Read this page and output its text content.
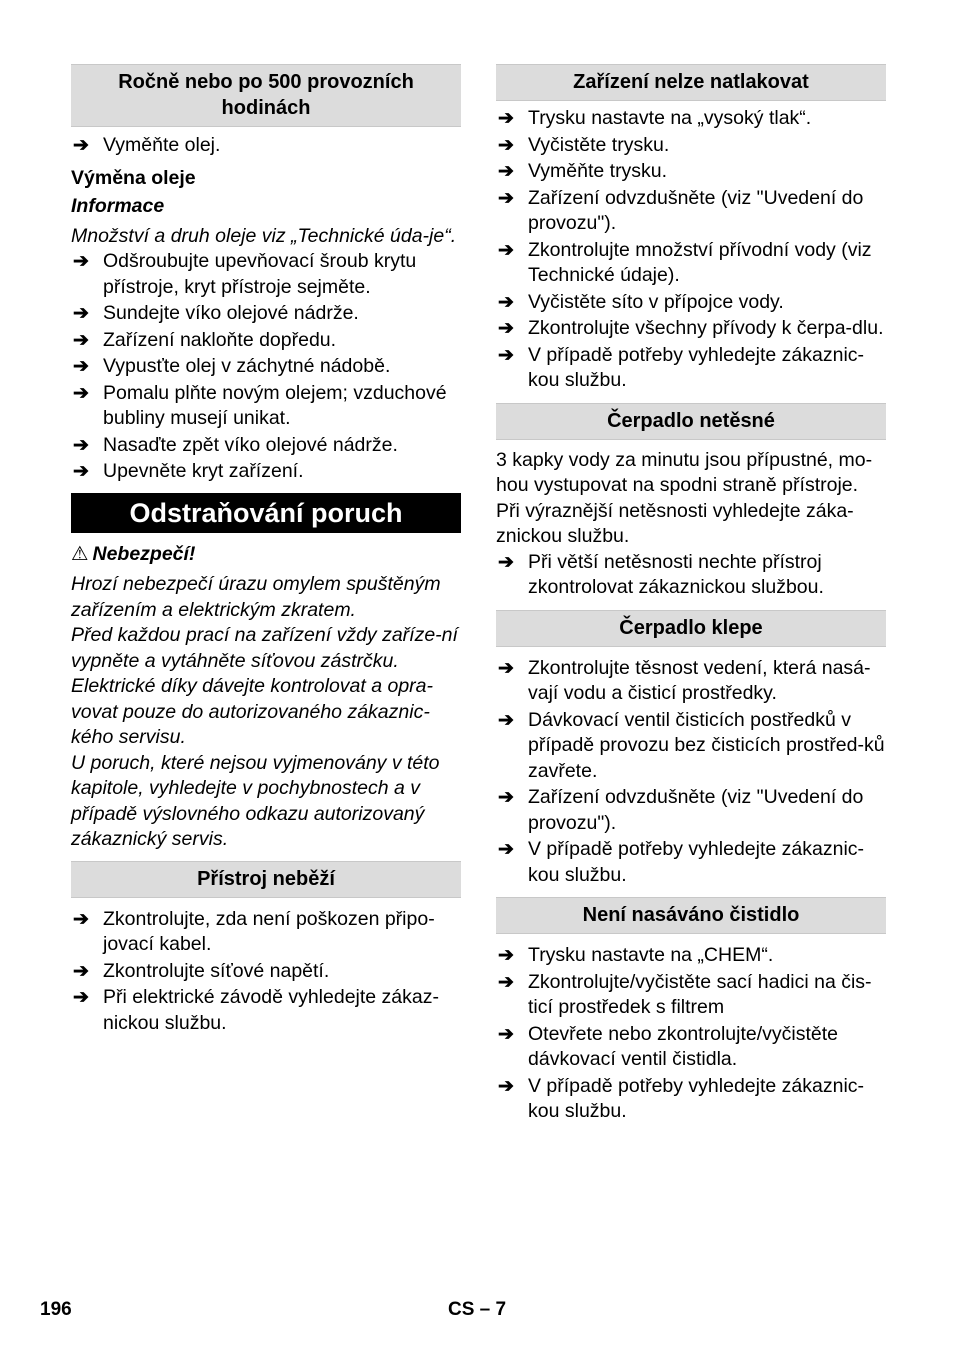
Ročně nebo po 500 provozních hodinách
➔ Vyměňte olej.

Výměna oleje

Informace

Množství a druh oleje viz „Technické úda-je“.

➔ Odšroubujte upevňovací šroub krytu přístroje, kryt přístroje sejměte.
➔ Sundejte víko olejové nádrže.
➔ Zařízení nakloňte dopředu.
➔ Vypusťte olej v záchytné nádobě.
➔ Pomalu plňte novým olejem; vzduchové bubliny musejí unikat.
➔ Nasaďte zpět víko olejové nádrže.
➔ Upevněte kryt zařízení.
Odstraňování poruch

⚠ Nebezpečí!

Hrozí nebezpečí úrazu omylem spuštěným zařízením a elektrickým zkratem.

Před každou prací na zařízení vždy zaříze-ní vypněte a vytáhněte síťovou zástrčku.

Elektrické díky dávejte kontrolovat a opra-vovat pouze do autorizovaného zákaznic-kého servisu.

U poruch, které nejsou vyjmenovány v této kapitole, vyhledejte v pochybnostech a v případě výslovného odkazu autorizovaný zákaznický servis.

Přístroj neběží
➔ Zkontrolujte, zda není poškozen připo-jovací kabel.
➔ Zkontrolujte síťové napětí.
➔ Při elektrické závodě vyhledejte zákaz-nickou službu.
Zařízení nelze natlakovat
➔ Trysku nastavte na „vysoký tlak“.
➔ Vyčistěte trysku.
➔ Vyměňte trysku.
➔ Zařízení odvzdušněte (viz "Uvedení do provozu").
➔ Zkontrolujte množství přívodní vody (viz Technické údaje).
➔ Vyčistěte síto v přípojce vody.
➔ Zkontrolujte všechny přívody k čerpa-dlu.
➔ V případě potřeby vyhledejte zákaznic-kou službu.
Čerpadlo netěsné

3 kapky vody za minutu jsou přípustné, mo-hou vystupovat na spodni straně přístroje.

Při výraznější netěsnosti vyhledejte záka-znickou službu.

➔ Při větší netěsnosti nechte přístroj zkontrolovat zákaznickou službou.
Čerpadlo klepe
➔ Zkontrolujte těsnost vedení, která nasá-vají vodu a čisticí prostředky.
➔ Dávkovací ventil čisticích postředků v případě provozu bez čisticích prostřed-ků zavřete.
➔ Zařízení odvzdušněte (viz "Uvedení do provozu").
➔ V případě potřeby vyhledejte zákaznic-kou službu.
Není nasáváno čistidlo
➔ Trysku nastavte na „CHEM“.
➔ Zkontrolujte/vyčistěte sací hadici na čis-ticí prostředek s filtrem
➔ Otevřete nebo zkontrolujte/vyčistěte dávkovací ventil čistidla.
➔ V případě potřeby vyhledejte zákaznic-kou službu.
196	CS – 7
